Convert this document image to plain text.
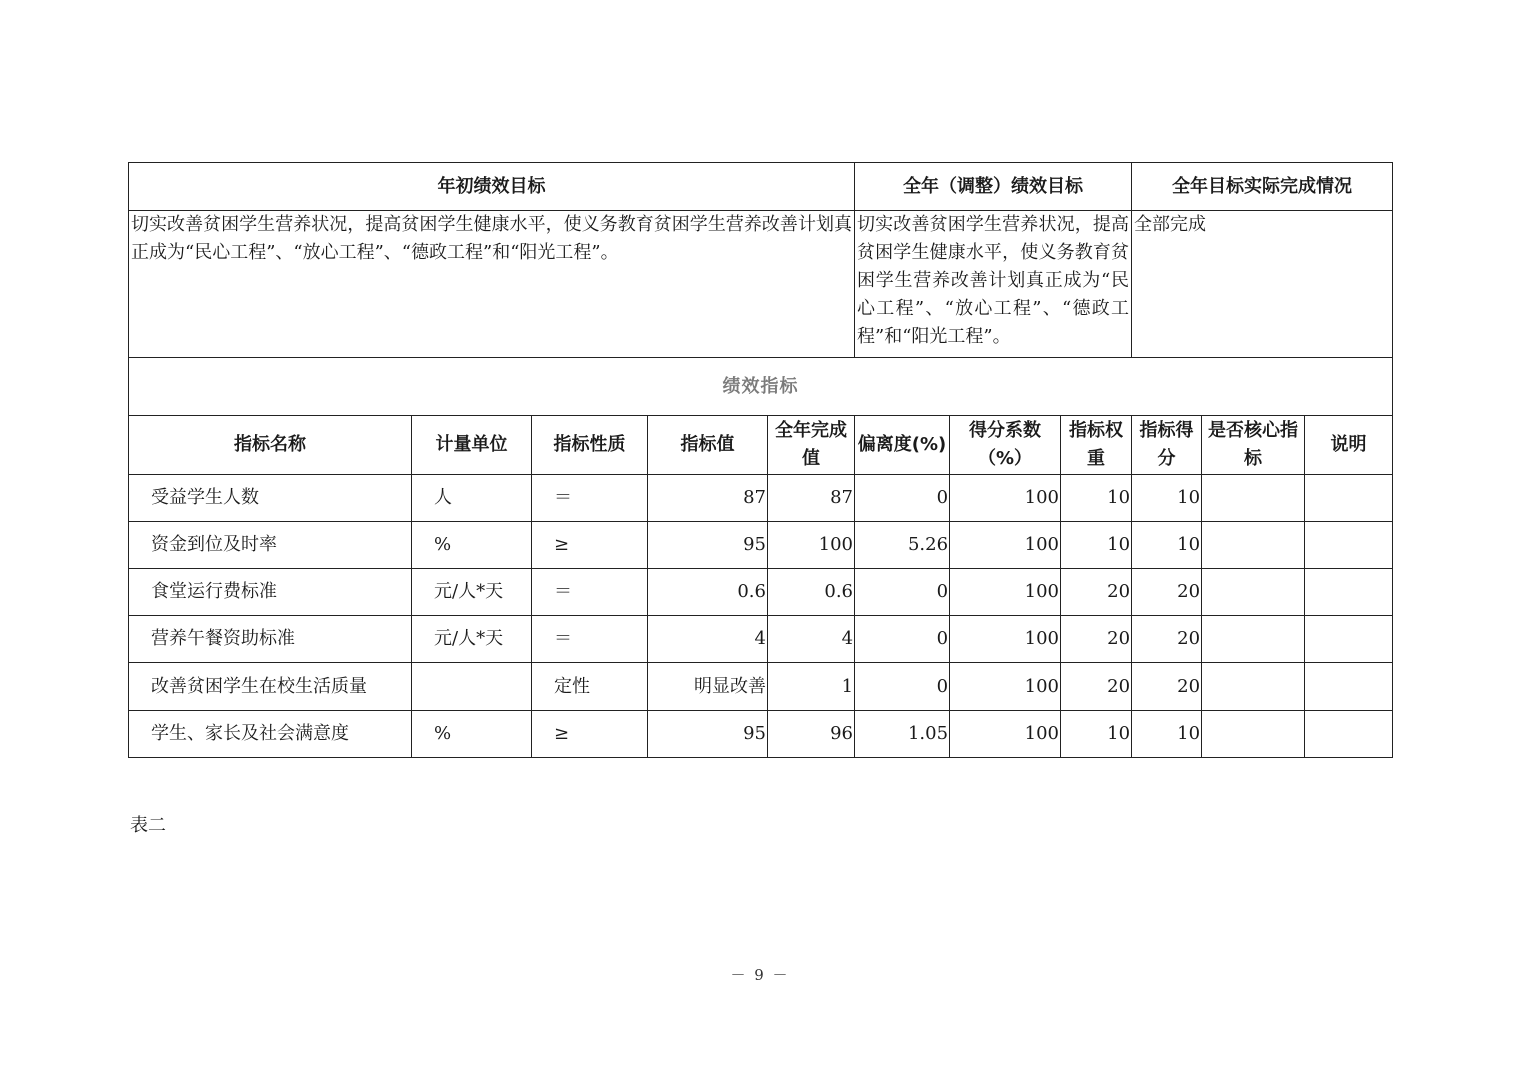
年初绩效目标					全年（调整）绩效目标			全年目标实际完成情况		
切实改善贫困学生营养状况，提高贫困学生健康水平，使义务教育贫困学生营养改善计划真正成为“民心工程”、“放心工程”、“德政工程”和“阳光工程”。					切实改善贫困学生营养状况，提高贫困学生健康水平，使义务教育贫困学生营养改善计划真正成为“民心工程”、“放心工程”、“德政工程”和“阳光工程”。			全部完成		
绩效指标										
指标名称	计量单位	指标性质	指标值	全年完成值	偏离度(%)	得分系数（%）	指标权重	指标得分	是否核心指标	说明
受益学生人数	人	＝	87	87	0	100	10	10		
资金到位及时率	%	≥	95	100	5.26	100	10	10		
食堂运行费标准	元/人*天	＝	0.6	0.6	0	100	20	20		
营养午餐资助标准	元/人*天	＝	4	4	0	100	20	20		
改善贫困学生在校生活质量		定性	明显改善	1	0	100	20	20		
学生、家长及社会满意度	%	≥	95	96	1.05	100	10	10		
表二
－ 9 －
